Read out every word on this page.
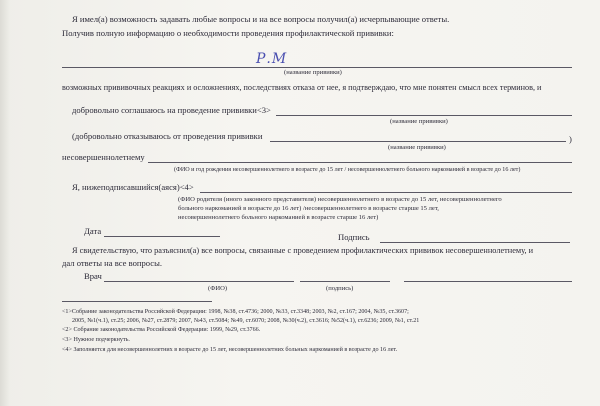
Я имел(а) возможность задавать любые вопросы и на все вопросы получил(а) исчерпывающие ответы.
Получив полную информацию о необходимости проведения профилактической прививки:
Р.М
(название прививки)
возможных прививочных реакциях и осложнениях, последствиях отказа от нее, я подтверждаю, что мне понятен смысл всех терминов, и
добровольно соглашаюсь на проведение прививки<3>
(название прививки)
(добровольно отказываюсь от проведения прививки	)
(название прививки)
несовершеннолетнему
(ФИО и год рождения несовершеннолетнего в возрасте до 15 лет / несовершеннолетнего больного наркоманией в возрасте до 16 лет)
Я, нижеподписавшийся(аяся)<4>
(ФИО родителя (иного законного представителя) несовершеннолетнего в возрасте до 15 лет, несовершеннолетнего
больного наркоманией в возрасте до 16 лет) /несовершеннолетнего в возрасте старше 15 лет,
несовершеннолетнего больного наркоманией в возрасте старше 16 лет)
Дата
Подпись
Я свидетельствую, что разъяснил(а) все вопросы, связанные с проведением профилактических прививок несовершеннолетнему, и
дал ответы на все вопросы.
Врач
(ФИО)	(подпись)
<1>Собрание законодательства Российской Федерации: 1998, №38, ст.4736; 2000, №33, ст.3348; 2003, №2, ст.167; 2004, №35, ст.3607;
2005, №1(ч.1), ст.25; 2006, №27, ст.2879; 2007, №43, ст.5084; №49, ст.6070; 2008, №30(ч.2), ст.3616; №52(ч.1), ст.6236; 2009, №1, ст.21
<2> Собрание законодательства Российской Федерации: 1999, №29, ст.3766.
<3> Нужное подчеркнуть.
<4> Заполняется для несовершеннолетних в возрасте до 15 лет, несовершеннолетних больных наркоманией в возрасте до 16 лет.
